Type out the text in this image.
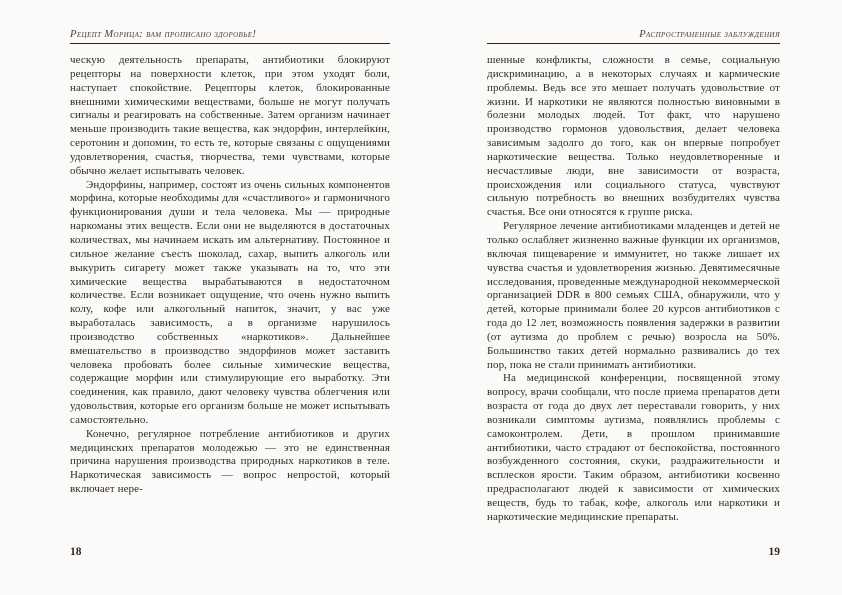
Рецепт Морица: вам прописано здоровье!

ческую деятельность препараты, антибиотики блокируют рецепторы на поверхности клеток, при этом уходят боли, наступает спокойствие. Рецепторы клеток, блокированные внешними химическими веществами, больше не могут получать сигналы и реагировать на собственные. Затем организм начинает меньше производить такие вещества, как эндорфин, интерлейкин, серотонин и допомин, то есть те, которые связаны с ощущениями удовлетворения, счастья, творчества, теми чувствами, которые обычно желает испытывать человек.

Эндорфины, например, состоят из очень сильных компонентов морфина, которые необходимы для «счастливого» и гармоничного функционирования души и тела человека. Мы — природные наркоманы этих веществ. Если они не выделяются в достаточных количествах, мы начинаем искать им альтернативу. Постоянное и сильное желание съесть шоколад, сахар, выпить алкоголь или выкурить сигарету может также указывать на то, что эти химические вещества вырабатываются в недостаточном количестве. Если возникает ощущение, что очень нужно выпить колу, кофе или алкогольный напиток, значит, у вас уже выработалась зависимость, а в организме нарушилось производство собственных «наркотиков». Дальнейшее вмешательство в производство эндорфинов может заставить человека пробовать более сильные химические вещества, содержащие морфин или стимулирующие его выработку. Эти соединения, как правило, дают человеку чувства облегчения или удовольствия, которые его организм больше не может испытывать самостоятельно.

Конечно, регулярное потребление антибиотиков и других медицинских препаратов молодежью — это не единственная причина нарушения производства природных наркотиков в теле. Наркотическая зависимость — вопрос непростой, который включает нере-

18
Распространенные заблуждения

шенные конфликты, сложности в семье, социальную дискриминацию, а в некоторых случаях и кармические проблемы. Ведь все это мешает получать удовольствие от жизни. И наркотики не являются полностью виновными в болезни молодых людей. Тот факт, что нарушено производство гормонов удовольствия, делает человека зависимым задолго до того, как он впервые попробует наркотические вещества. Только неудовлетворенные и несчастливые люди, вне зависимости от возраста, происхождения или социального статуса, чувствуют сильную потребность во внешних возбудителях чувства счастья. Все они относятся к группе риска.

Регулярное лечение антибиотиками младенцев и детей не только ослабляет жизненно важные функции их организмов, включая пищеварение и иммунитет, но также лишает их чувства счастья и удовлетворения жизнью. Девятимесячные исследования, проведенные международной некоммерческой организацией DDR в 800 семьях США, обнаружили, что у детей, которые принимали более 20 курсов антибиотиков с года до 12 лет, возможность появления задержки в развитии (от аутизма до проблем с речью) возросла на 50%. Большинство таких детей нормально развивались до тех пор, пока не стали принимать антибиотики.

На медицинской конференции, посвященной этому вопросу, врачи сообщали, что после приема препаратов дети возраста от года до двух лет переставали говорить, у них возникали симптомы аутизма, появлялись проблемы с самоконтролем. Дети, в прошлом принимавшие антибиотики, часто страдают от беспокойства, постоянного возбужденного состояния, скуки, раздражительности и всплесков ярости. Таким образом, антибиотики косвенно предрасполагают людей к зависимости от химических веществ, будь то табак, кофе, алкоголь или наркотики и наркотические медицинские препараты.

19
